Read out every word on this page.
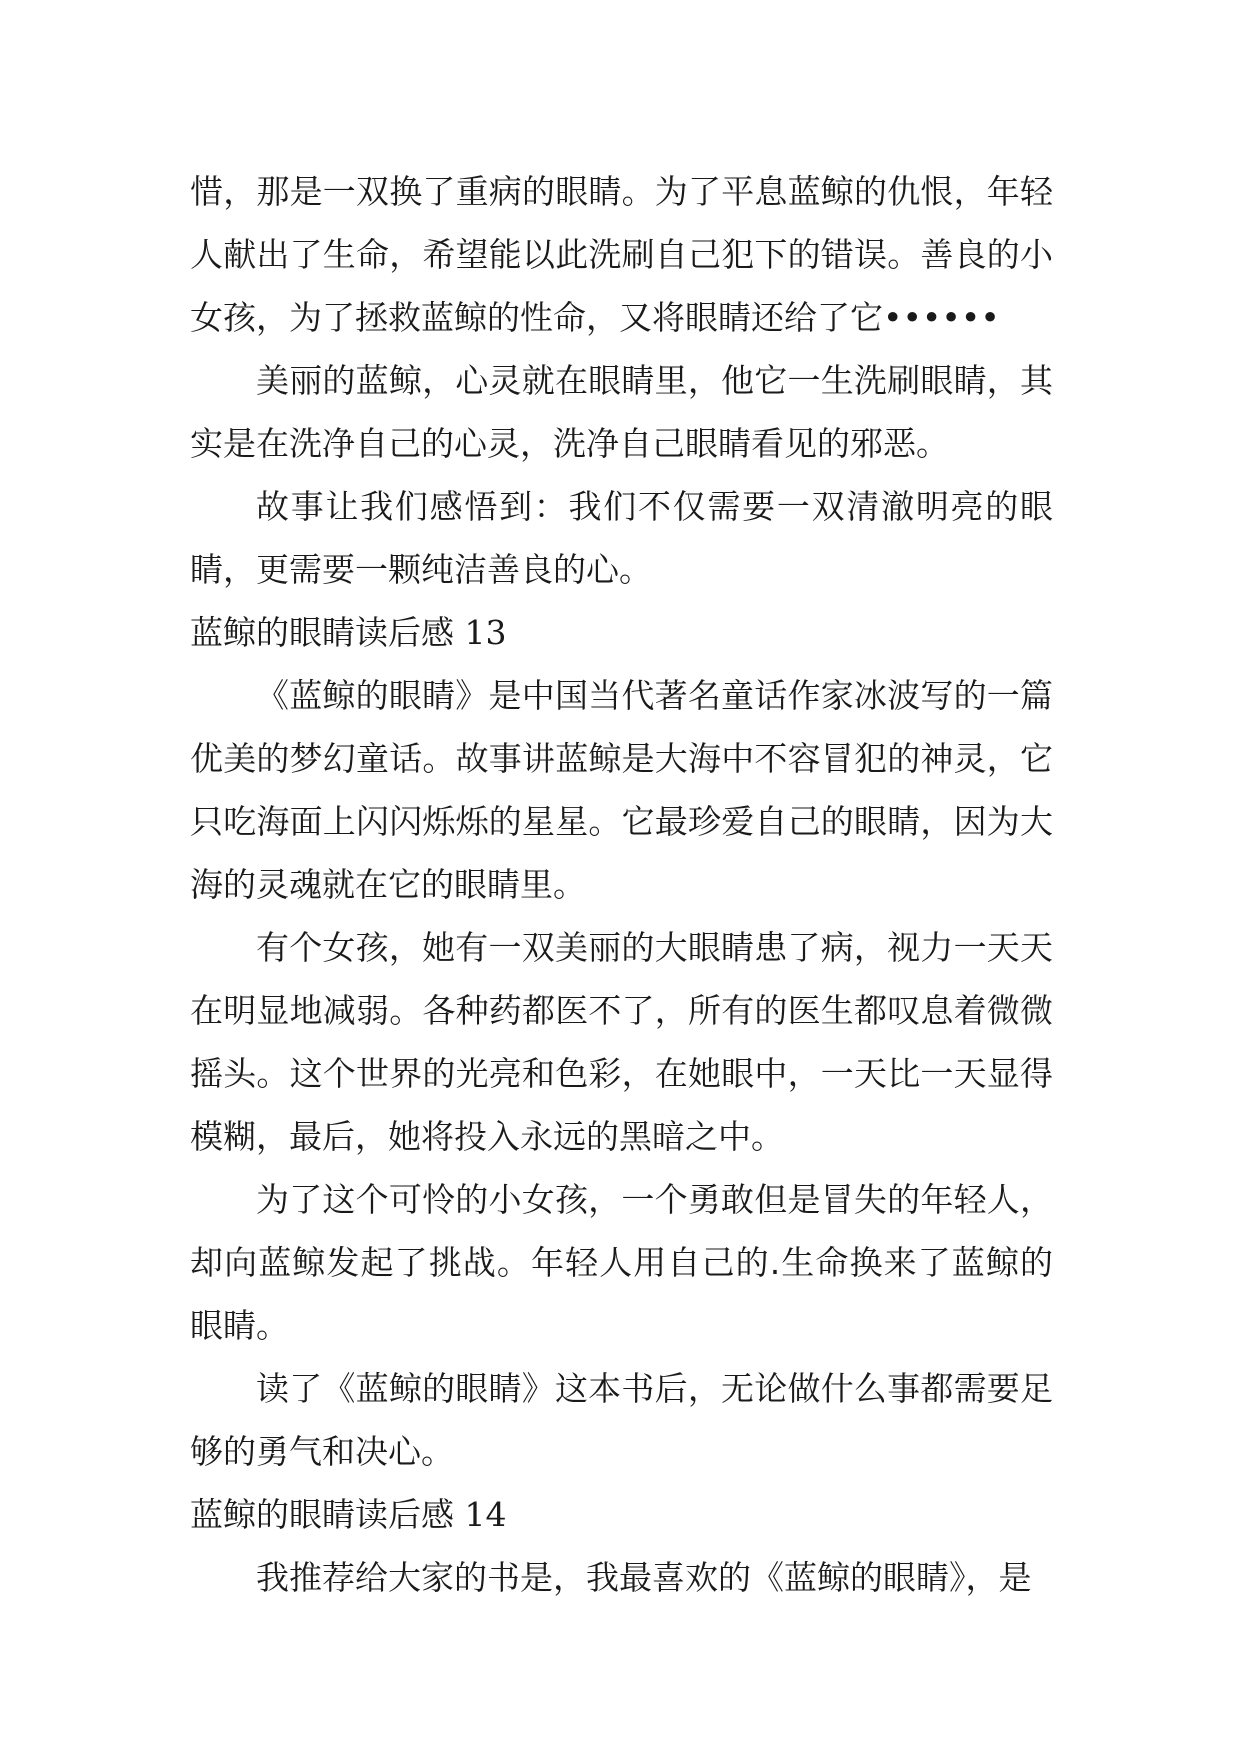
惜，那是一双换了重病的眼睛。为了平息蓝鲸的仇恨，年轻人献出了生命，希望能以此洗刷自己犯下的错误。善良的小女孩，为了拯救蓝鲸的性命，又将眼睛还给了它••••••

美丽的蓝鲸，心灵就在眼睛里，他它一生洗刷眼睛，其实是在洗净自己的心灵，洗净自己眼睛看见的邪恶。

故事让我们感悟到：我们不仅需要一双清澈明亮的眼睛，更需要一颗纯洁善良的心。

蓝鲸的眼睛读后感 13

《蓝鲸的眼睛》是中国当代著名童话作家冰波写的一篇优美的梦幻童话。故事讲蓝鲸是大海中不容冒犯的神灵，它只吃海面上闪闪烁烁的星星。它最珍爱自己的眼睛，因为大海的灵魂就在它的眼睛里。

有个女孩，她有一双美丽的大眼睛患了病，视力一天天在明显地减弱。各种药都医不了，所有的医生都叹息着微微摇头。这个世界的光亮和色彩，在她眼中，一天比一天显得模糊，最后，她将投入永远的黑暗之中。

为了这个可怜的小女孩，一个勇敢但是冒失的年轻人，却向蓝鲸发起了挑战。年轻人用自己的.生命换来了蓝鲸的眼睛。

读了《蓝鲸的眼睛》这本书后，无论做什么事都需要足够的勇气和决心。

蓝鲸的眼睛读后感 14

我推荐给大家的书是，我最喜欢的《蓝鲸的眼睛》，是
